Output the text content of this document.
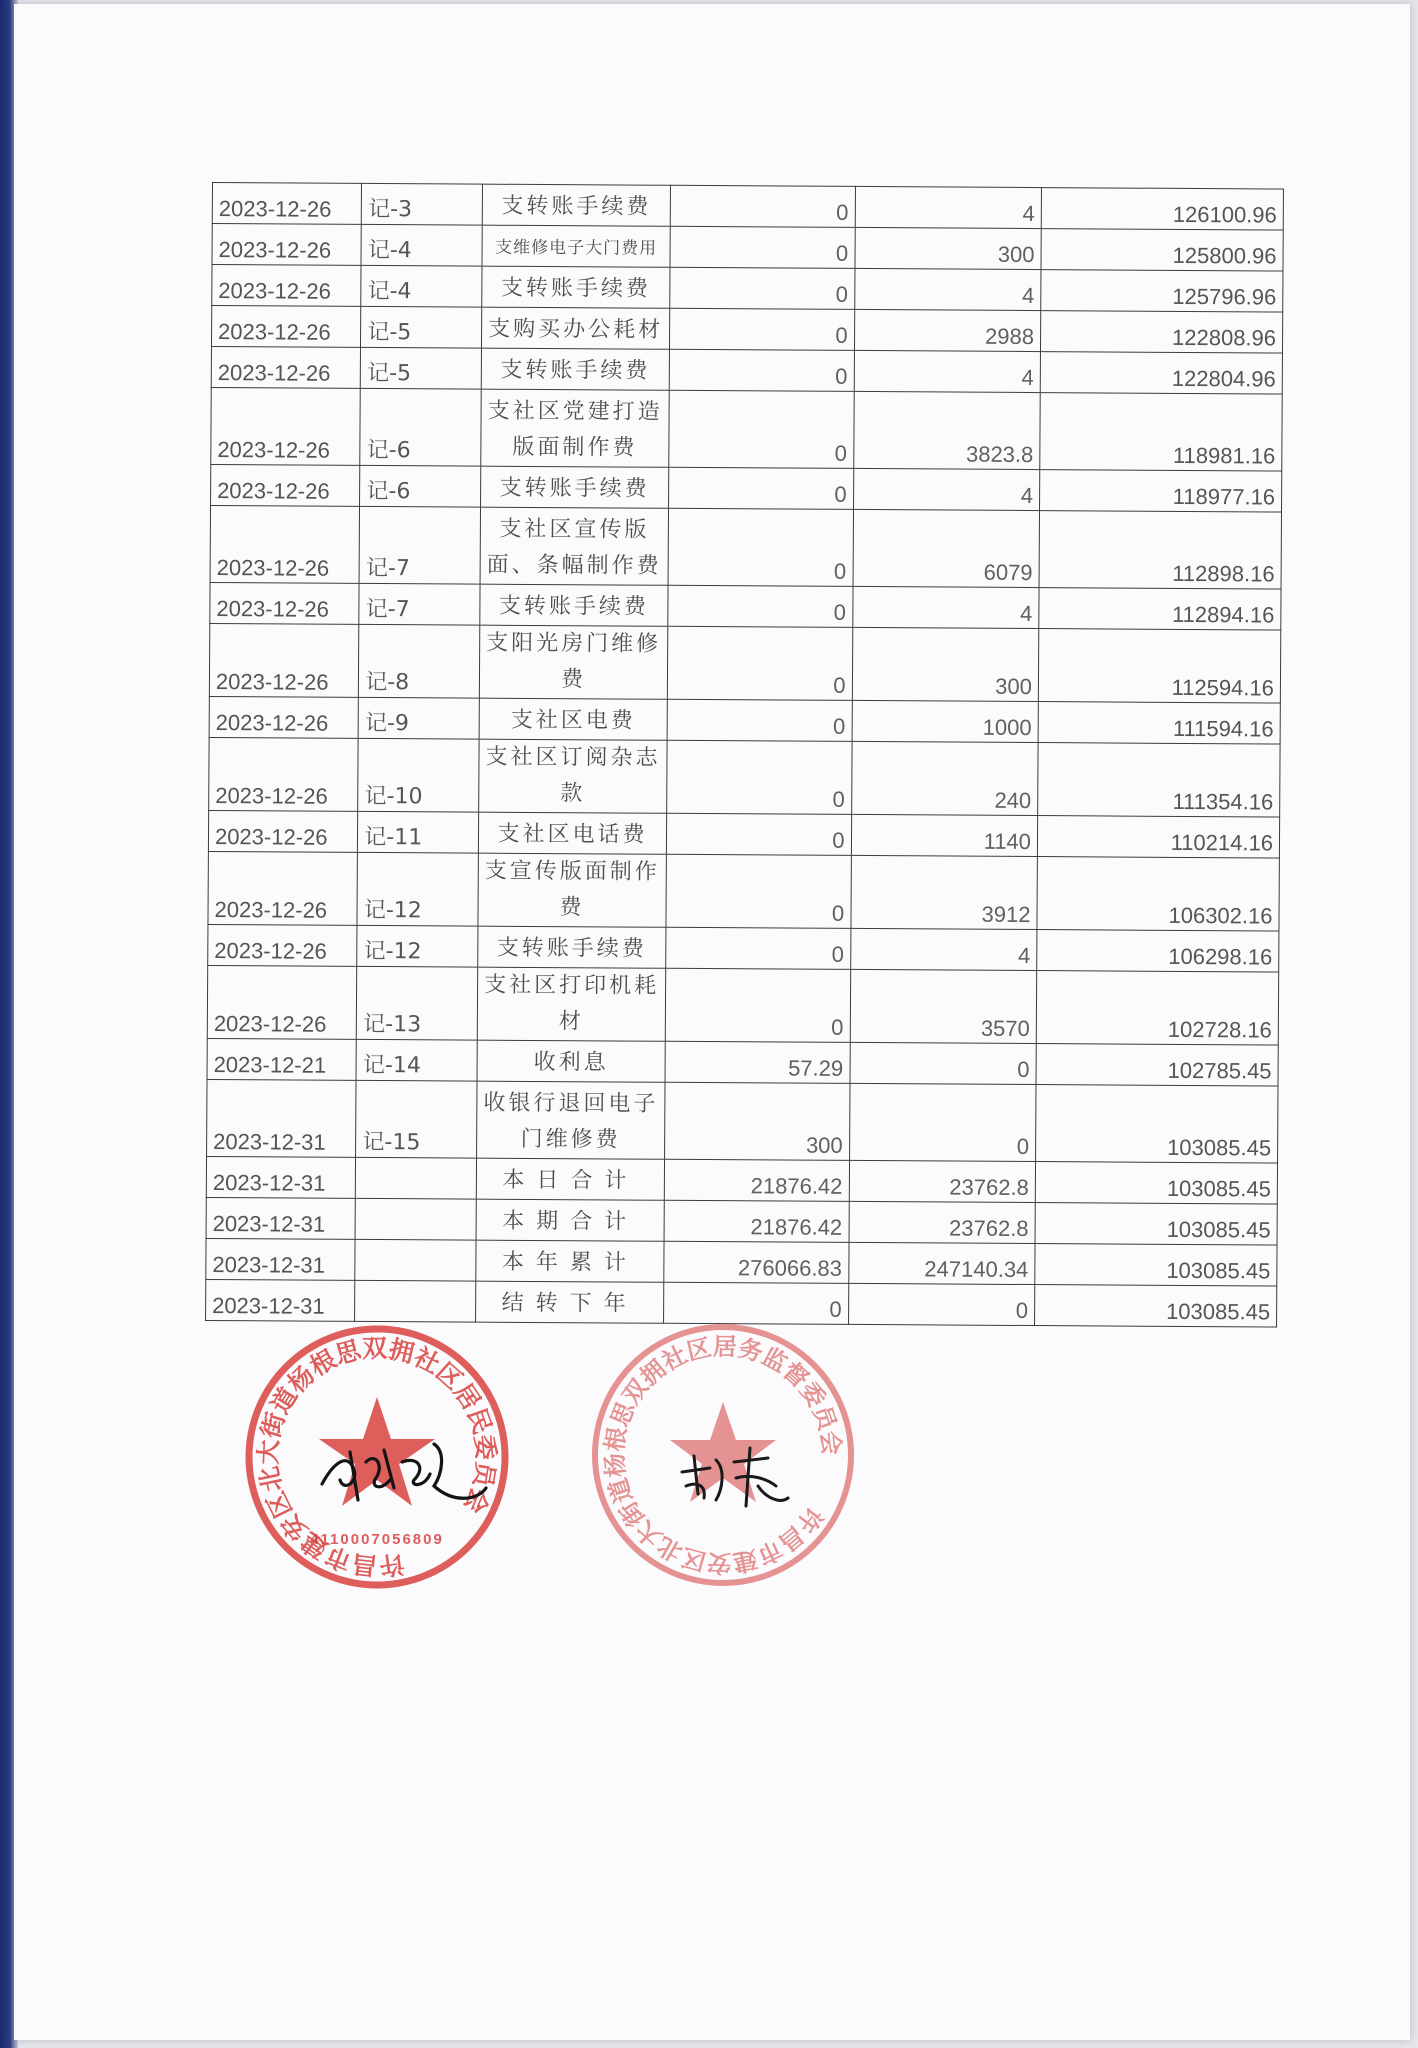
2023-12-26	记-3	支转账手续费	0	4	126100.96
2023-12-26	记-4	支维修电子大门费用	0	300	125800.96
2023-12-26	记-4	支转账手续费	0	4	125796.96
2023-12-26	记-5	支购买办公耗材	0	2988	122808.96
2023-12-26	记-5	支转账手续费	0	4	122804.96
2023-12-26	记-6	支社区党建打造版面制作费	0	3823.8	118981.16
2023-12-26	记-6	支转账手续费	0	4	118977.16
2023-12-26	记-7	支社区宣传版面、条幅制作费	0	6079	112898.16
2023-12-26	记-7	支转账手续费	0	4	112894.16
2023-12-26	记-8	支阳光房门维修费	0	300	112594.16
2023-12-26	记-9	支社区电费	0	1000	111594.16
2023-12-26	记-10	支社区订阅杂志款	0	240	111354.16
2023-12-26	记-11	支社区电话费	0	1140	110214.16
2023-12-26	记-12	支宣传版面制作费	0	3912	106302.16
2023-12-26	记-12	支转账手续费	0	4	106298.16
2023-12-26	记-13	支社区打印机耗材	0	3570	102728.16
2023-12-21	记-14	收利息	57.29	0	102785.45
2023-12-31	记-15	收银行退回电子门维修费	300	0	103085.45
2023-12-31		本日合计	21876.42	23762.8	103085.45
2023-12-31		本期合计	21876.42	23762.8	103085.45
2023-12-31		本年累计	276066.83	247140.34	103085.45
2023-12-31		结转下年	0	0	103085.45
许昌市建安区北大街道杨根思双拥社区居民委员会
4110007056809
许昌市建安区北大街道杨根思双拥社区居务监督委员会
